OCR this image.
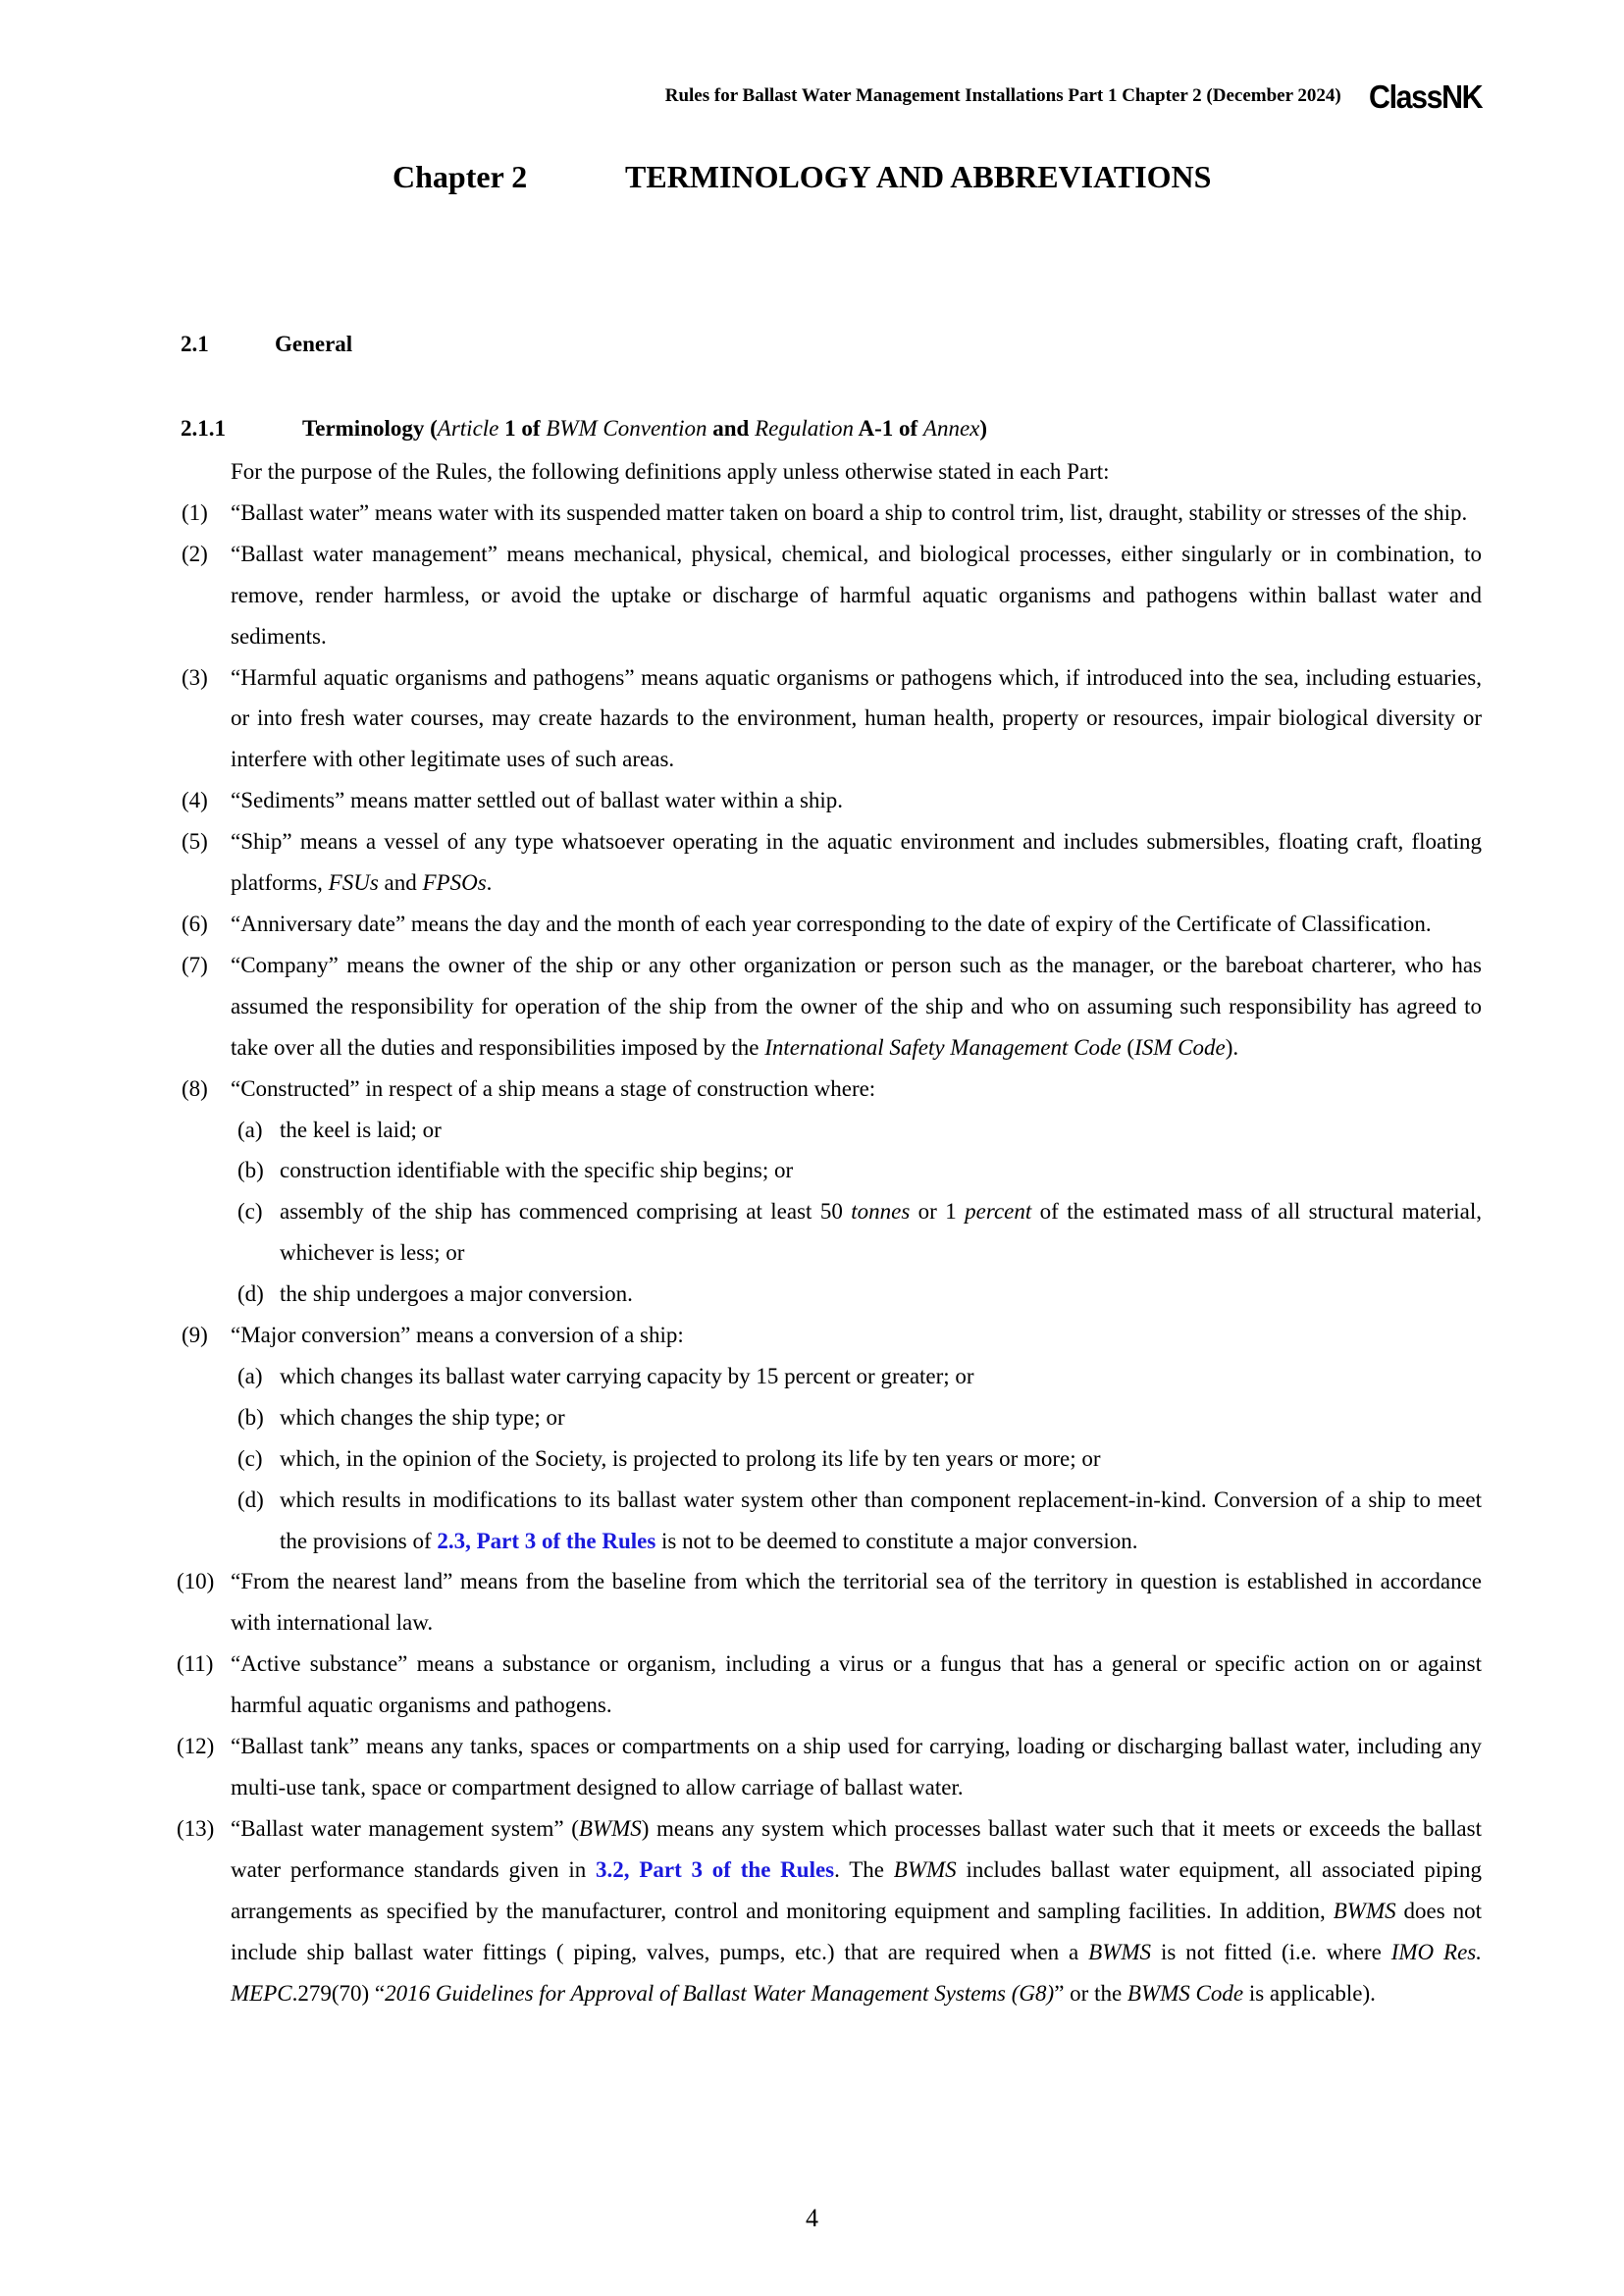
Rules for Ballast Water Management Installations Part 1 Chapter 2 (December 2024) ClassNK
Chapter 2	TERMINOLOGY AND ABBREVIATIONS
2.1	General
2.1.1	Terminology (Article 1 of BWM Convention and Regulation A-1 of Annex)
For the purpose of the Rules, the following definitions apply unless otherwise stated in each Part:
(1) “Ballast water” means water with its suspended matter taken on board a ship to control trim, list, draught, stability or stresses of the ship.
(2) “Ballast water management” means mechanical, physical, chemical, and biological processes, either singularly or in combination, to remove, render harmless, or avoid the uptake or discharge of harmful aquatic organisms and pathogens within ballast water and sediments.
(3) “Harmful aquatic organisms and pathogens” means aquatic organisms or pathogens which, if introduced into the sea, including estuaries, or into fresh water courses, may create hazards to the environment, human health, property or resources, impair biological diversity or interfere with other legitimate uses of such areas.
(4) “Sediments” means matter settled out of ballast water within a ship.
(5) “Ship” means a vessel of any type whatsoever operating in the aquatic environment and includes submersibles, floating craft, floating platforms, FSUs and FPSOs.
(6) “Anniversary date” means the day and the month of each year corresponding to the date of expiry of the Certificate of Classification.
(7) “Company” means the owner of the ship or any other organization or person such as the manager, or the bareboat charterer, who has assumed the responsibility for operation of the ship from the owner of the ship and who on assuming such responsibility has agreed to take over all the duties and responsibilities imposed by the International Safety Management Code (ISM Code).
(8) “Constructed” in respect of a ship means a stage of construction where:
(a) the keel is laid; or
(b) construction identifiable with the specific ship begins; or
(c) assembly of the ship has commenced comprising at least 50 tonnes or 1 percent of the estimated mass of all structural material, whichever is less; or
(d) the ship undergoes a major conversion.
(9) “Major conversion” means a conversion of a ship:
(a) which changes its ballast water carrying capacity by 15 percent or greater; or
(b) which changes the ship type; or
(c) which, in the opinion of the Society, is projected to prolong its life by ten years or more; or
(d) which results in modifications to its ballast water system other than component replacement-in-kind. Conversion of a ship to meet the provisions of 2.3, Part 3 of the Rules is not to be deemed to constitute a major conversion.
(10) “From the nearest land” means from the baseline from which the territorial sea of the territory in question is established in accordance with international law.
(11) “Active substance” means a substance or organism, including a virus or a fungus that has a general or specific action on or against harmful aquatic organisms and pathogens.
(12) “Ballast tank” means any tanks, spaces or compartments on a ship used for carrying, loading or discharging ballast water, including any multi-use tank, space or compartment designed to allow carriage of ballast water.
(13) “Ballast water management system” (BWMS) means any system which processes ballast water such that it meets or exceeds the ballast water performance standards given in 3.2, Part 3 of the Rules. The BWMS includes ballast water equipment, all associated piping arrangements as specified by the manufacturer, control and monitoring equipment and sampling facilities. In addition, BWMS does not include ship ballast water fittings ( piping, valves, pumps, etc.) that are required when a BWMS is not fitted (i.e. where IMO Res. MEPC.279(70) “2016 Guidelines for Approval of Ballast Water Management Systems (G8)” or the BWMS Code is applicable).
4
